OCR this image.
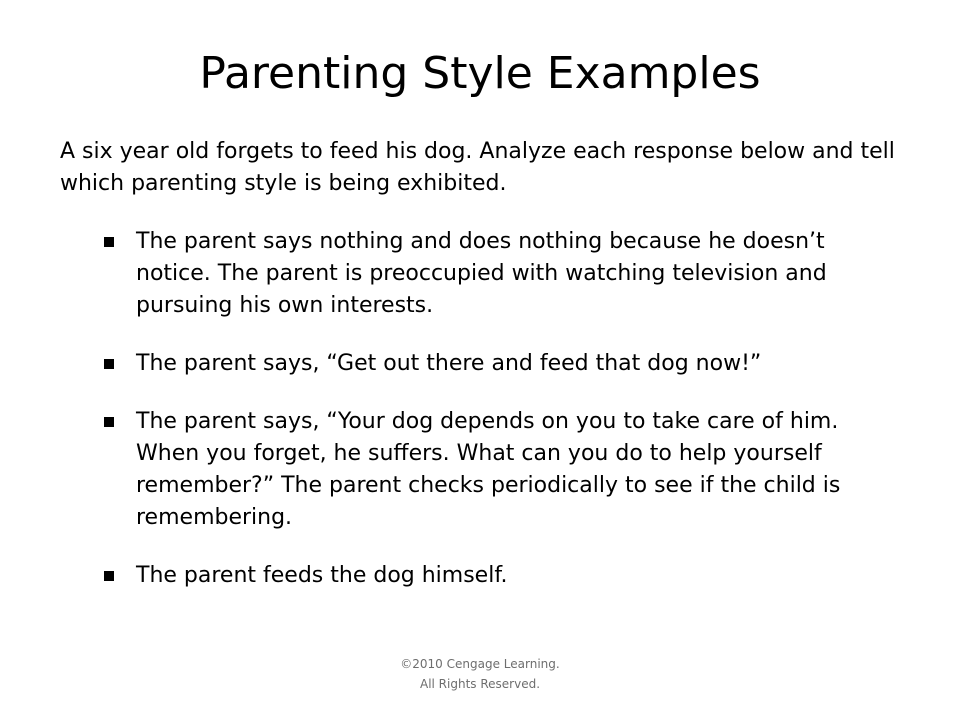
Parenting Style Examples

A six year old forgets to feed his dog. Analyze each response below and tell which parenting style is being exhibited.

The parent says nothing and does nothing because he doesn’t notice. The parent is preoccupied with watching television and pursuing his own interests.
The parent says, “Get out there and feed that dog now!”
The parent says, “Your dog depends on you to take care of him. When you forget, he suffers. What can you do to help yourself remember?” The parent checks periodically to see if the child is remembering.
The parent feeds the dog himself.
©2010 Cengage Learning.
All Rights Reserved.
